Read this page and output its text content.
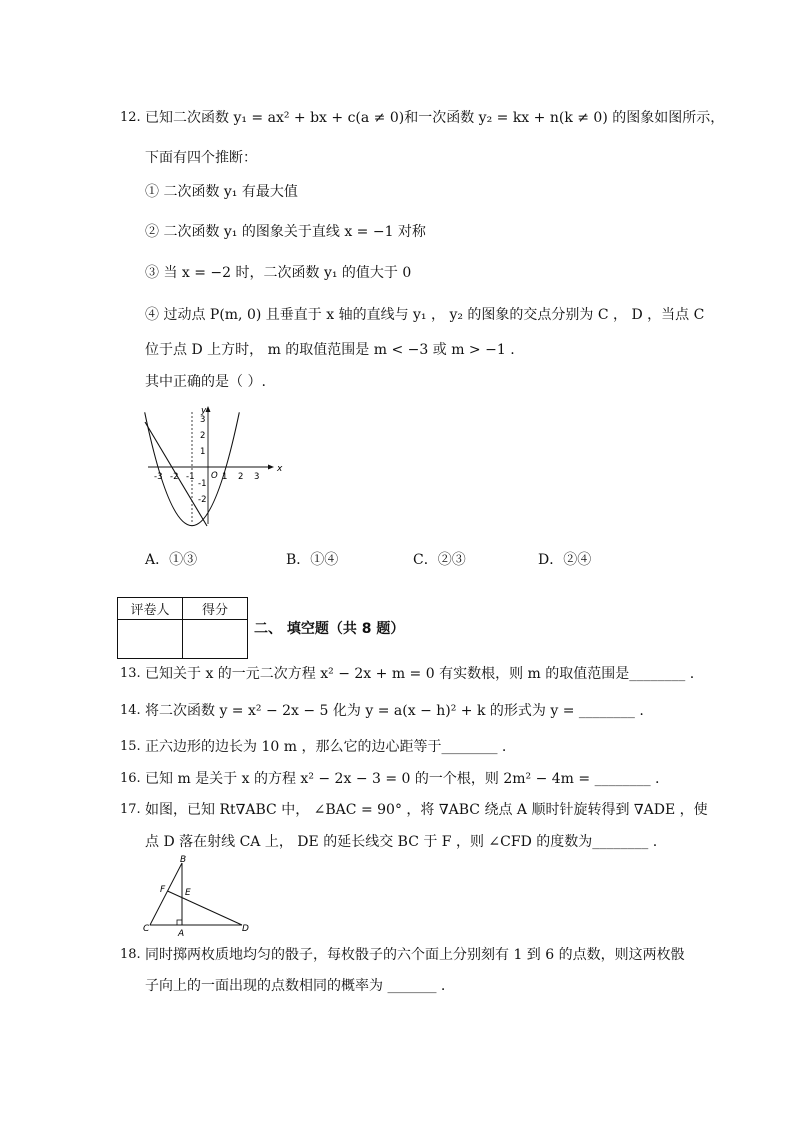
12. 已知二次函数 y₁ = ax² + bx + c(a ≠ 0)和一次函数 y₂ = kx + n(k ≠ 0) 的图象如图所示，
下面有四个推断：
① 二次函数 y₁ 有最大值
② 二次函数 y₁ 的图象关于直线 x = −1 对称
③ 当 x = −2 时，二次函数 y₁ 的值大于 0
④ 过动点 P(m, 0) 且垂直于 x 轴的直线与 y₁ ， y₂ 的图象的交点分别为 C ， D ，当点 C
位于点 D 上方时， m 的取值范围是 m < −3 或 m > −1 .
其中正确的是（ ）.
x
y
O
-3 -2 -1	1 2 3
3
2
1
-1
-2
A．①③	B．①④	C．②③	D．②④
评卷人	得分

二、 填空题（共 8 题）
13. 已知关于 x 的一元二次方程 x² − 2x + m = 0 有实数根，则 m 的取值范围是________ .
14. 将二次函数 y = x² − 2x − 5 化为 y = a(x − h)² + k 的形式为 y = ________ .
15. 正六边形的边长为 10 m ，那么它的边心距等于________ .
16. 已知 m 是关于 x 的方程 x² − 2x − 3 = 0 的一个根，则 2m² − 4m = ________ .
17. 如图，已知 Rt∇ABC 中， ∠BAC = 90° ，将 ∇ABC 绕点 A 顺时针旋转得到 ∇ADE ，使
点 D 落在射线 CA 上， DE 的延长线交 BC 于 F ，则 ∠CFD 的度数为________ .
B
F E
C	A	D
18. 同时掷两枚质地均匀的骰子，每枚骰子的六个面上分别刻有 1 到 6 的点数，则这两枚骰
子向上的一面出现的点数相同的概率为 _______ .
